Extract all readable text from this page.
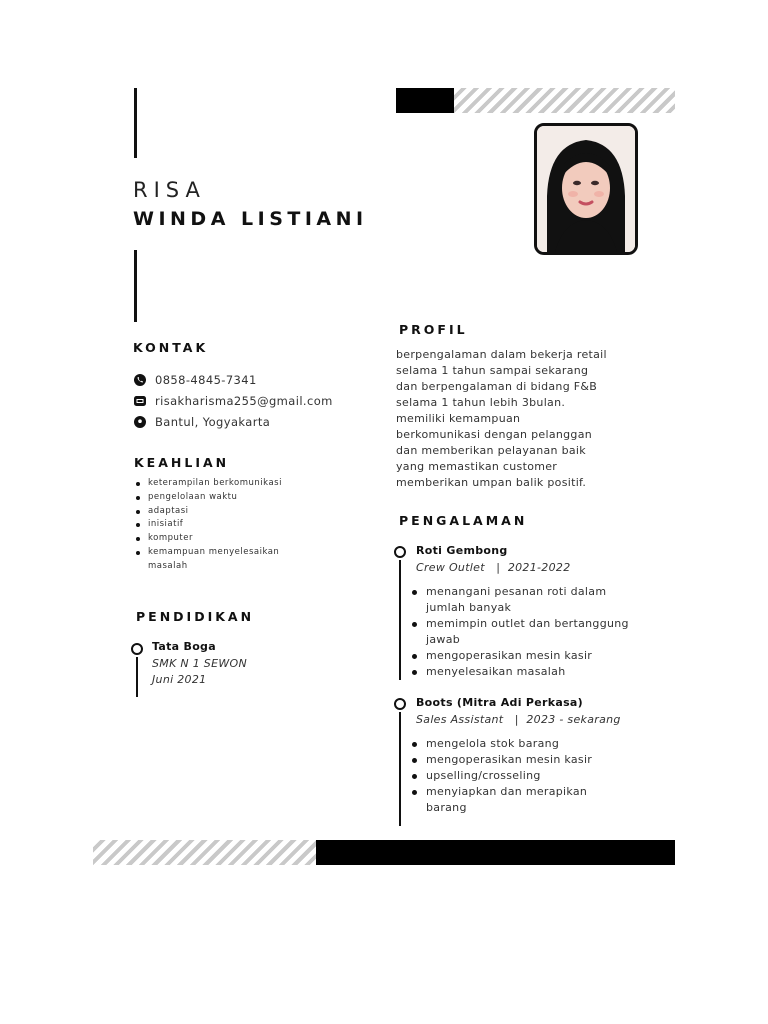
RISA
WINDA LISTIANI
KONTAK
0858-4845-7341
risakharisma255@gmail.com
Bantul, Yogyakarta
KEAHLIAN
keterampilan berkomunikasi
pengelolaan waktu
adaptasi
inisiatif
komputer
kemampuan menyelesaikan masalah
PENDIDIKAN
Tata Boga
SMK N 1 SEWON
Juni 2021
PROFIL
berpengalaman dalam bekerja retail
selama 1 tahun sampai sekarang
dan berpengalaman di bidang F&B
selama 1 tahun lebih 3bulan.
memiliki kemampuan
berkomunikasi dengan pelanggan
dan memberikan pelayanan baik
yang memastikan customer
memberikan umpan balik positif.
PENGALAMAN
Roti Gembong
Crew Outlet   |  2021-2022
menangani pesanan roti dalam jumlah banyak
memimpin outlet dan bertanggung jawab
mengoperasikan mesin kasir
menyelesaikan masalah
Boots (Mitra Adi Perkasa)
Sales Assistant   |  2023 - sekarang
mengelola stok barang
mengoperasikan mesin kasir
upselling/crosseling
menyiapkan dan merapikan barang
